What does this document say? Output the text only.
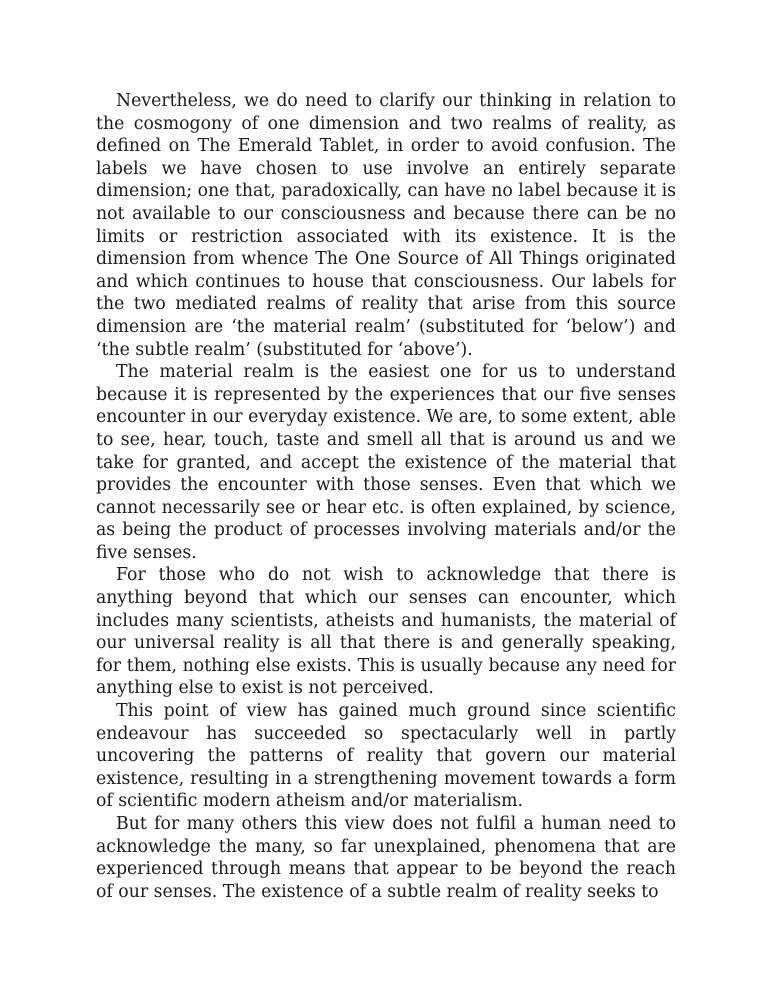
Nevertheless, we do need to clarify our thinking in relation to the cosmogony of one dimension and two realms of reality, as defined on The Emerald Tablet, in order to avoid confusion. The labels we have chosen to use involve an entirely separate dimension; one that, paradoxically, can have no label because it is not available to our consciousness and because there can be no limits or restriction associated with its existence. It is the dimension from whence The One Source of All Things originated and which continues to house that consciousness. Our labels for the two mediated realms of reality that arise from this source dimension are ‘the material realm’ (substituted for ‘below’) and ‘the subtle realm’ (substituted for ‘above’).

The material realm is the easiest one for us to understand because it is represented by the experiences that our five senses encounter in our everyday existence. We are, to some extent, able to see, hear, touch, taste and smell all that is around us and we take for granted, and accept the existence of the material that provides the encounter with those senses. Even that which we cannot necessarily see or hear etc. is often explained, by science, as being the product of processes involving materials and/or the five senses.

For those who do not wish to acknowledge that there is anything beyond that which our senses can encounter, which includes many scientists, atheists and humanists, the material of our universal reality is all that there is and generally speaking, for them, nothing else exists. This is usually because any need for anything else to exist is not perceived.

This point of view has gained much ground since scientific endeavour has succeeded so spectacularly well in partly uncovering the patterns of reality that govern our material existence, resulting in a strengthening movement towards a form of scientific modern atheism and/or materialism.

But for many others this view does not fulfil a human need to acknowledge the many, so far unexplained, phenomena that are experienced through means that appear to be beyond the reach of our senses. The existence of a subtle realm of reality seeks to
